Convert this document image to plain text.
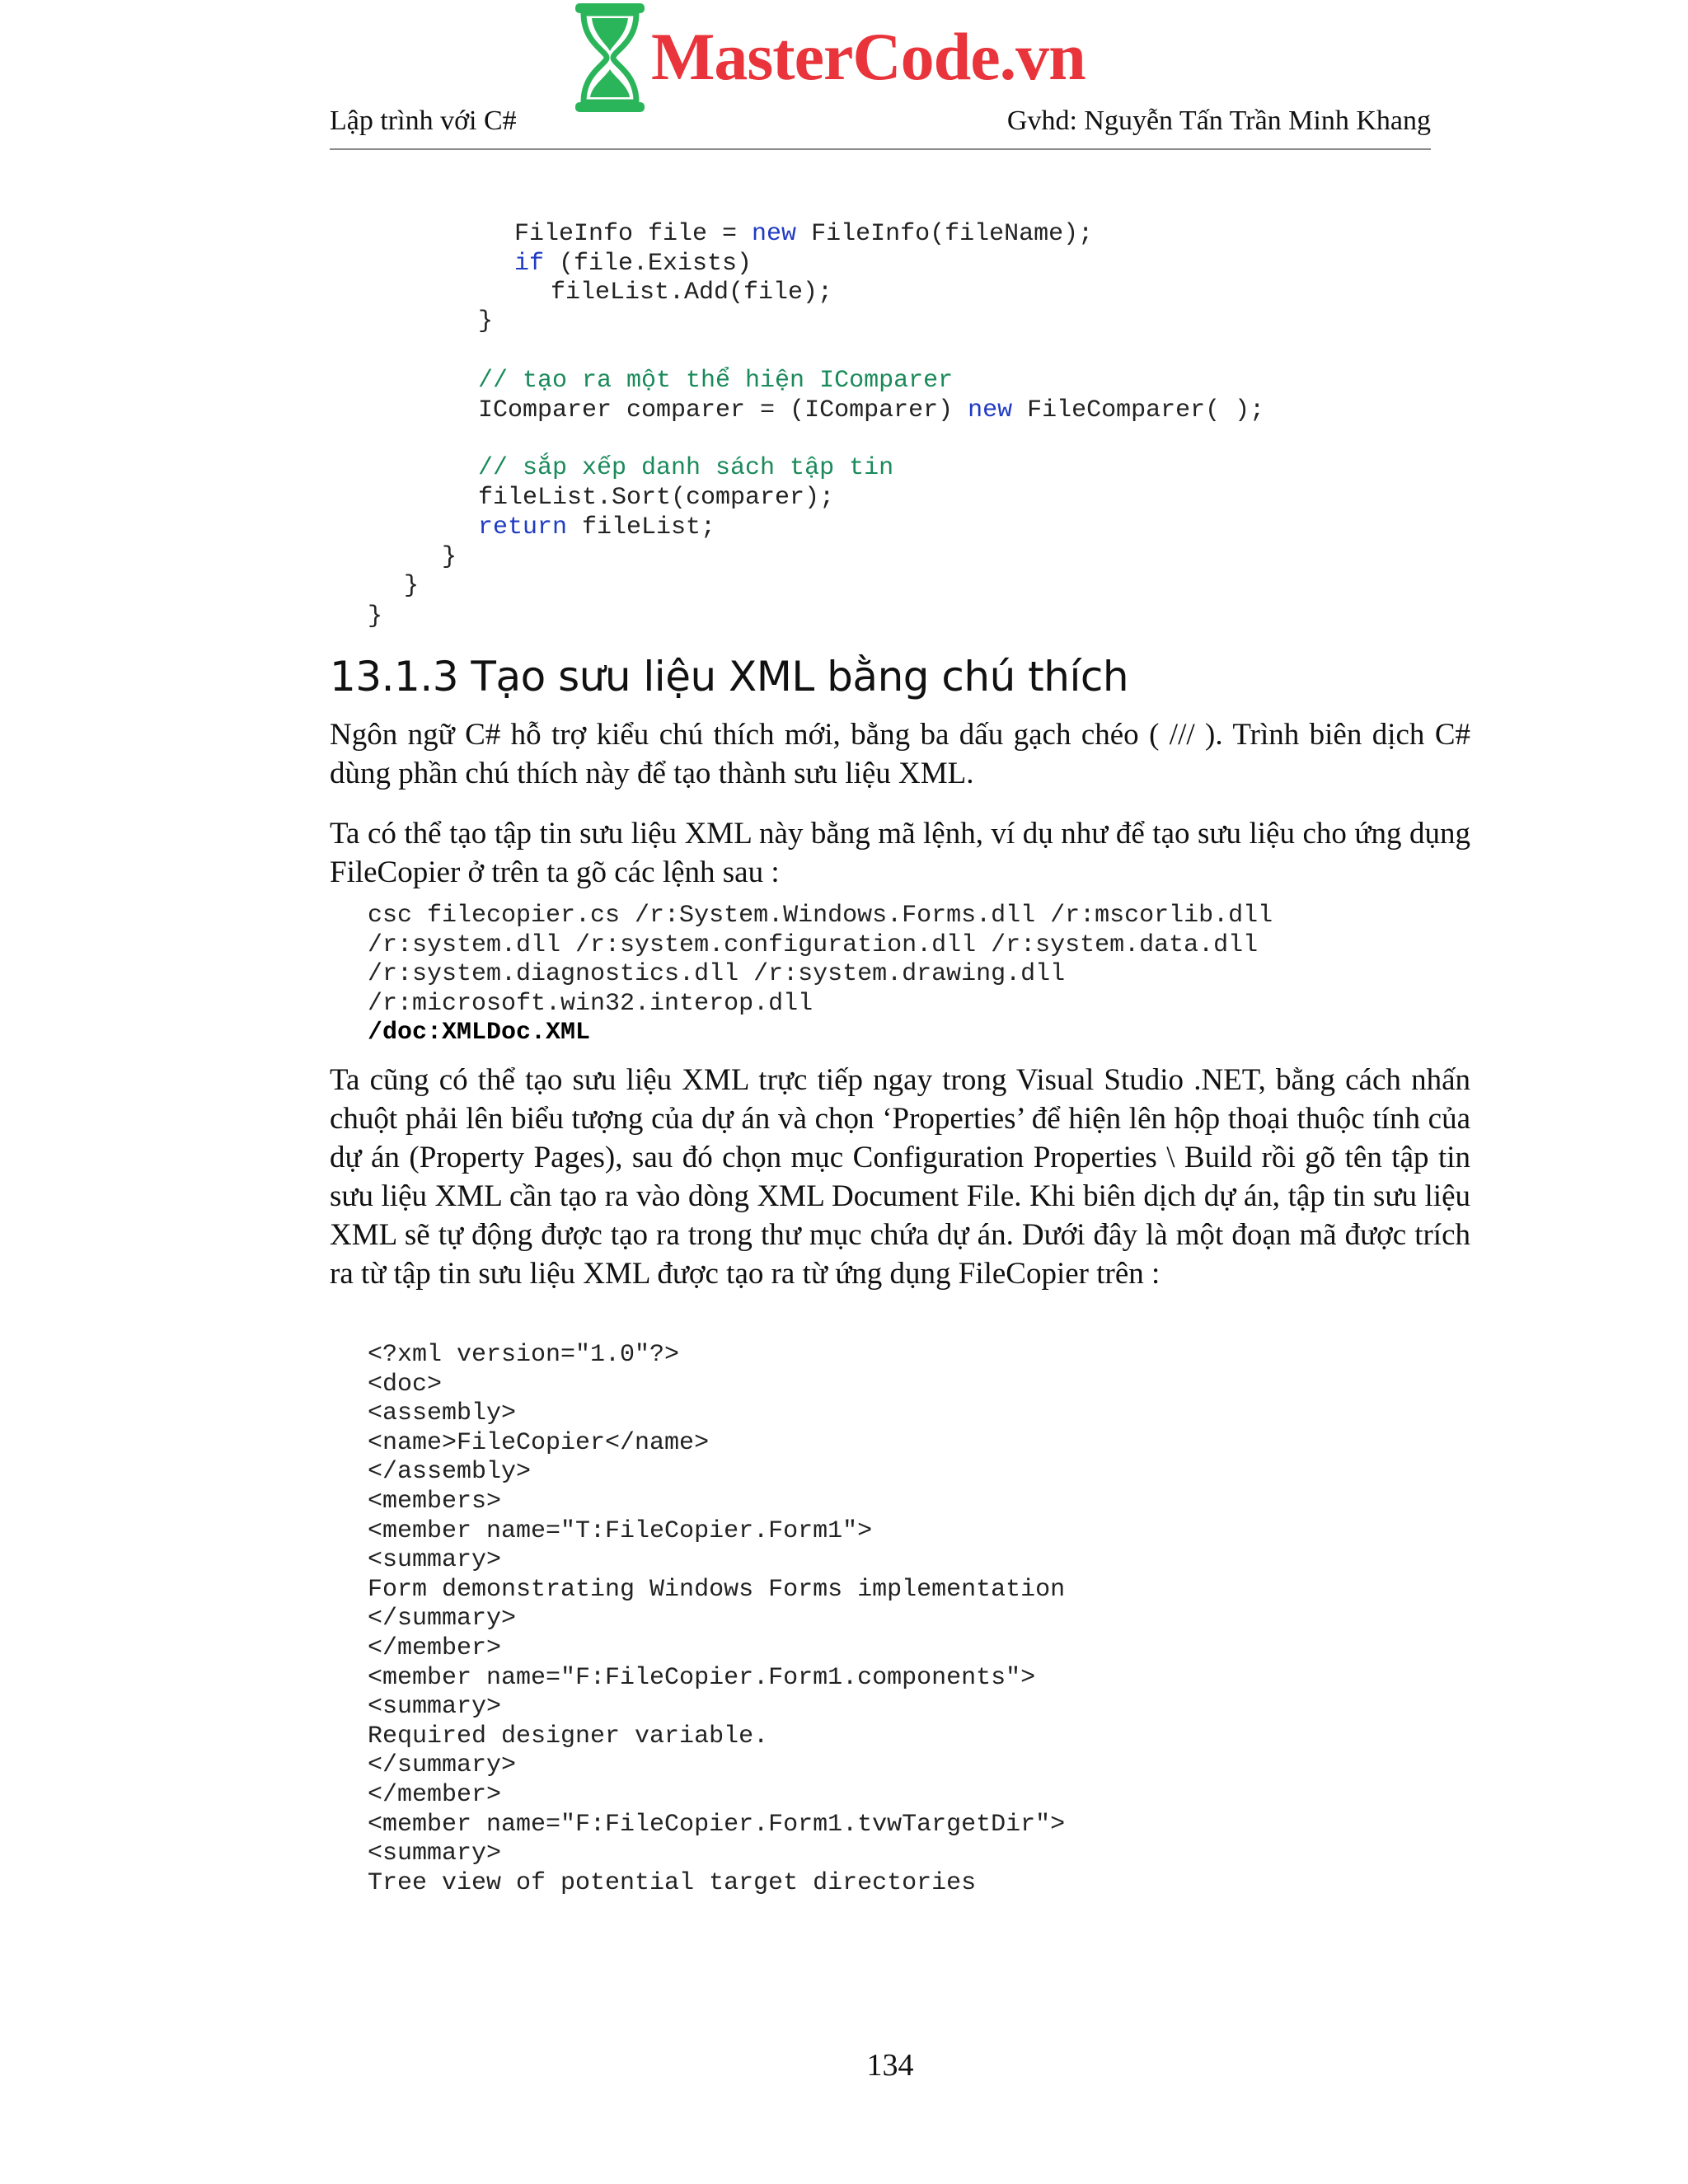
MasterCode.vn
Lập trình với C#	Gvhd: Nguyễn Tấn Trần Minh Khang
FileInfo file = new FileInfo(fileName);
if (file.Exists)
fileList.Add(file);
}
// tạo ra một thể hiện IComparer
IComparer comparer = (IComparer) new FileComparer( );
// sắp xếp danh sách tập tin
fileList.Sort(comparer);
return fileList;
}
}
}
13.1.3 Tạo sưu liệu XML bằng chú thích

Ngôn ngữ C# hỗ trợ kiểu chú thích mới, bằng ba dấu gạch chéo ( /// ). Trình biên dịch C# dùng phần chú thích này để tạo thành sưu liệu XML.

Ta có thể tạo tập tin sưu liệu XML này bằng mã lệnh, ví dụ như để tạo sưu liệu cho ứng dụng FileCopier ở trên ta gõ các lệnh sau :

csc filecopier.cs /r:System.Windows.Forms.dll /r:mscorlib.dll
/r:system.dll /r:system.configuration.dll /r:system.data.dll
/r:system.diagnostics.dll /r:system.drawing.dll
/r:microsoft.win32.interop.dll
/doc:XMLDoc.XML

Ta cũng có thể tạo sưu liệu XML trực tiếp ngay trong Visual Studio .NET, bằng cách nhấn chuột phải lên biểu tượng của dự án và chọn ‘Properties’ để hiện lên hộp thoại thuộc tính của dự án (Property Pages), sau đó chọn mục Configuration Properties \ Build rồi gõ tên tập tin sưu liệu XML cần tạo ra vào dòng XML Document File. Khi biên dịch dự án, tập tin sưu liệu XML sẽ tự động được tạo ra trong thư mục chứa dự án. Dưới đây là một đoạn mã được trích ra từ tập tin sưu liệu XML được tạo ra từ ứng dụng FileCopier trên :

<?xml version="1.0"?>
<doc>
<assembly>
<name>FileCopier</name>
</assembly>
<members>
<member name="T:FileCopier.Form1">
<summary>
Form demonstrating Windows Forms implementation
</summary>
</member>
<member name="F:FileCopier.Form1.components">
<summary>
Required designer variable.
</summary>
</member>
<member name="F:FileCopier.Form1.tvwTargetDir">
<summary>
Tree view of potential target directories
134
